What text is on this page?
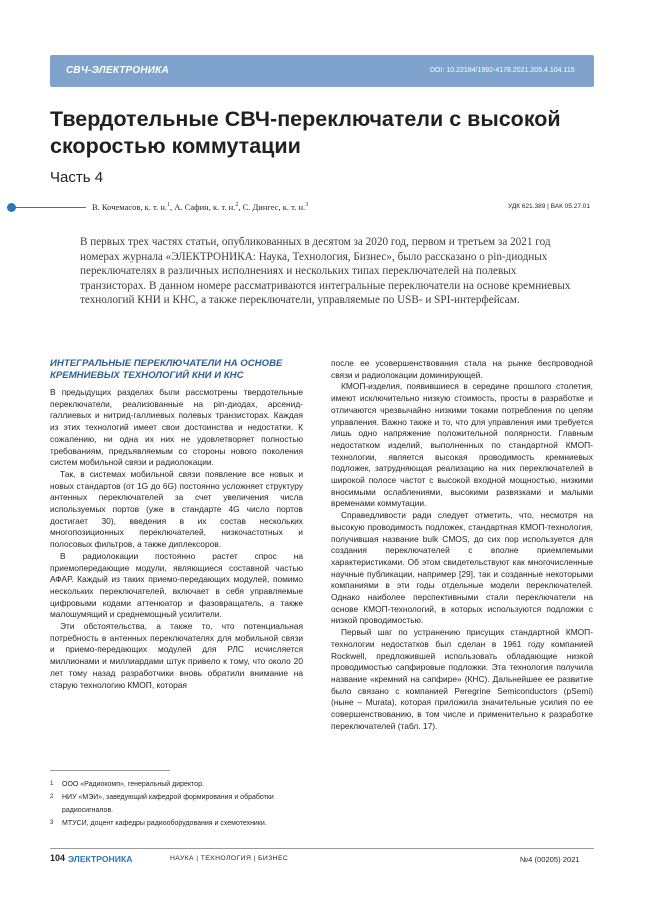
СВЧ-ЭЛЕКТРОНИКА	DOI: 10.22184/1992-4178.2021.205.4.104.115
Твердотельные СВЧ-переключатели с высокой скоростью коммутации
Часть 4
В. Кочемасов, к. т. н.$^1$, А. Сафин, к. т. н.$^2$, С. Дингес, к. т. н.$^3$	УДК 621.389 | ВАК 05.27.01
В первых трех частях статьи, опубликованных в десятом за 2020 год, первом и третьем за 2021 год номерах журнала «ЭЛЕКТРОНИКА: Наука, Технология, Бизнес», было рассказано о pin-диодных переключателях в различных исполнениях и нескольких типах переключателей на полевых транзисторах. В данном номере рассматриваются интегральные переключатели на основе кремниевых технологий КНИ и КНС, а также переключатели, управляемые по USB- и SPI-интерфейсам.
ИНТЕГРАЛЬНЫЕ ПЕРЕКЛЮЧАТЕЛИ НА ОСНОВЕ КРЕМНИЕВЫХ ТЕХНОЛОГИЙ КНИ И КНС

В предыдущих разделах были рассмотрены твердотельные переключатели, реализованные на pin-диодах, арсенид-галлиевых и нитрид-галлиевых полевых транзисторах. Каждая из этих технологий имеет свои достоинства и недостатки. К сожалению, ни одна их них не удовлетворяет полностью требованиям, предъявляемым со стороны нового поколения систем мобильной связи и радиолокации.

Так, в системах мобильной связи появление все новых и новых стандартов (от 1G до 6G) постоянно усложняет структуру антенных переключателей за счет увеличения числа используемых портов (уже в стандарте 4G число портов достигает 30), введения в их состав нескольких многопозиционных переключателей, низкочастотных и полосовых фильтров, а также диплексоров.

В радиолокации постоянно растет спрос на приемопередающие модули, являющиеся составной частью АФАР. Каждый из таких приемо-передающих модулей, помимо нескольких переключателей, включает в себя управляемые цифровыми кодами аттенюатор и фазовращатель, а также малошумящий и среднемощный усилители.

Эти обстоятельства, а также то, что потенциальная потребность в антенных переключателях для мобильной связи и приемо-передающих модулей для РЛС исчисляется миллионами и миллиардами штук привело к тому, что около 20 лет тому назад разработчики вновь обратили внимание на старую технологию КМОП, которая

после ее усовершенствования стала на рынке беспроводной связи и радиолокации доминирующей.

КМОП-изделия, появившиеся в середине прошлого столетия, имеют исключительно низкую стоимость, просты в разработке и отличаются чрезвычайно низкими токами потребления по цепям управления. Важно также и то, что для управления ими требуется лишь одно напряжение положительной полярности. Главным недостатком изделий, выполненных по стандартной КМОП-технологии, является высокая проводимость кремниевых подложек, затрудняющая реализацию на них переключателей в широкой полосе частот с высокой входной мощностью, низкими вносимыми ослаблениями, высокими развязками и малыми временами коммутации.

Справедливости ради следует отметить, что, несмотря на высокую проводимость подложек, стандартная КМОП-технология, получившая название bulk CMOS, до сих пор используется для создания переключателей с вполне приемлемыми характеристиками. Об этом свидетельствуют как многочисленные научные публикации, например [29], так и созданные некоторыми компаниями в эти годы отдельные модели переключателей. Однако наиболее перспективными стали переключатели на основе КМОП-технологий, в которых используются подложки с низкой проводимостью.

Первый шаг по устранению присущих стандартной КМОП-технологии недостатков был сделан в 1961 году компанией Rockwell, предложившей использовать обладающие низкой проводимостью сапфировые подложки. Эта технология получила название «кремний на сапфире» (КНС). Дальнейшее ее развитие было связано с компанией Peregrine Semiconductors (pSemi) (ныне – Murata), которая приложила значительные усилия по ее совершенствованию, в том числе и применительно к разработке переключателей (табл. 17).

1	ООО «Радиокомп», генеральный директор.
2	НИУ «МЭИ», заведующий кафедрой формирования и обработки радиосигналов.
3	МТУСИ, доцент кафедры радиооборудования и схемотехники.
104 ЭЛЕКТРОНИКА	НАУКА | ТЕХНОЛОГИЯ | БИЗНЕС	№4 (00205) 2021
